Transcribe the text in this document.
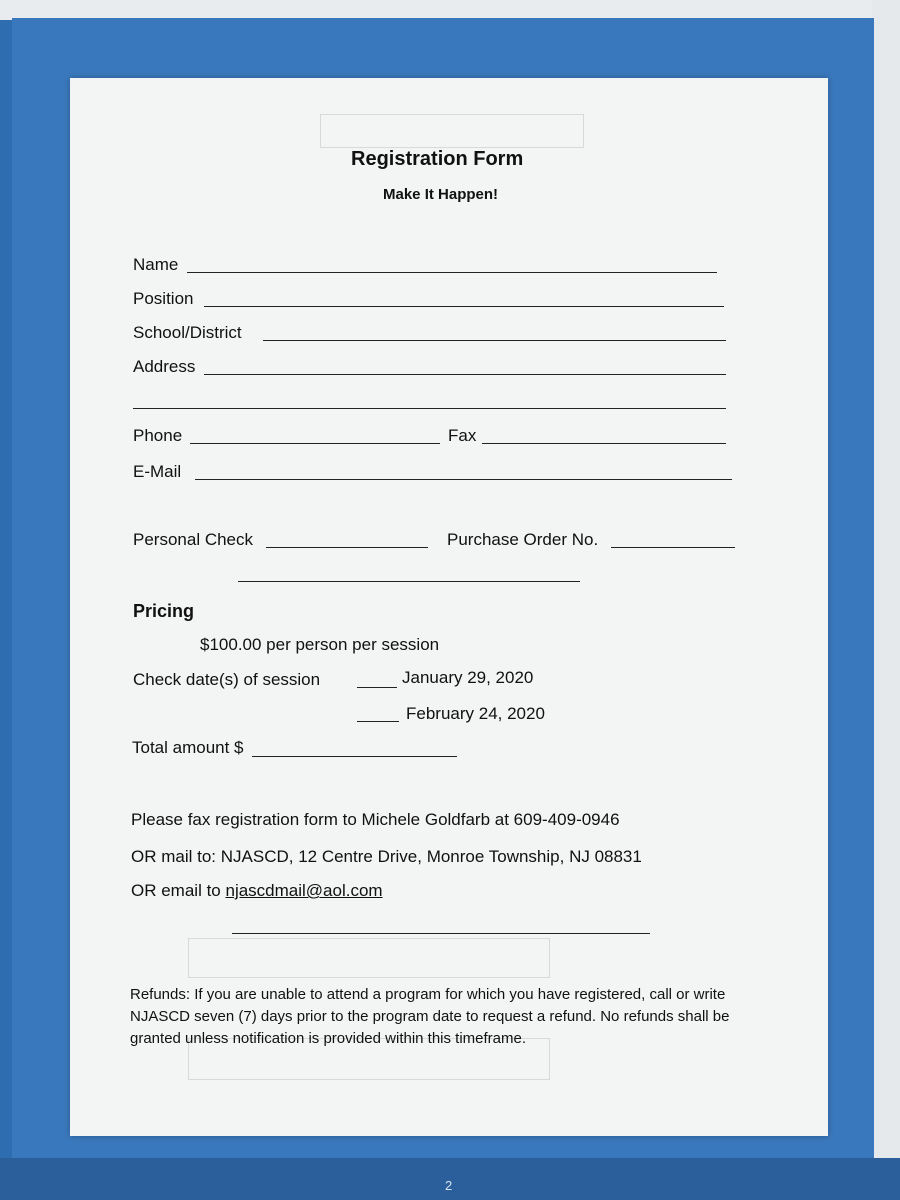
2
Registration Form
Make It Happen!
Name
Position
School/District
Address
Phone	Fax
E-Mail
Personal Check	Purchase Order No.
Pricing
$100.00 per person per session
Check date(s) of session	January 29, 2020
February 24, 2020
Total amount $
Please fax registration form to Michele Goldfarb at 609-409-0946
OR mail to: NJASCD, 12 Centre Drive, Monroe Township, NJ 08831
OR email to njascdmail@aol.com
Refunds: If you are unable to attend a program for which you have registered, call or write NJASCD seven (7) days prior to the program date to request a refund. No refunds shall be granted unless notification is provided within this timeframe.
